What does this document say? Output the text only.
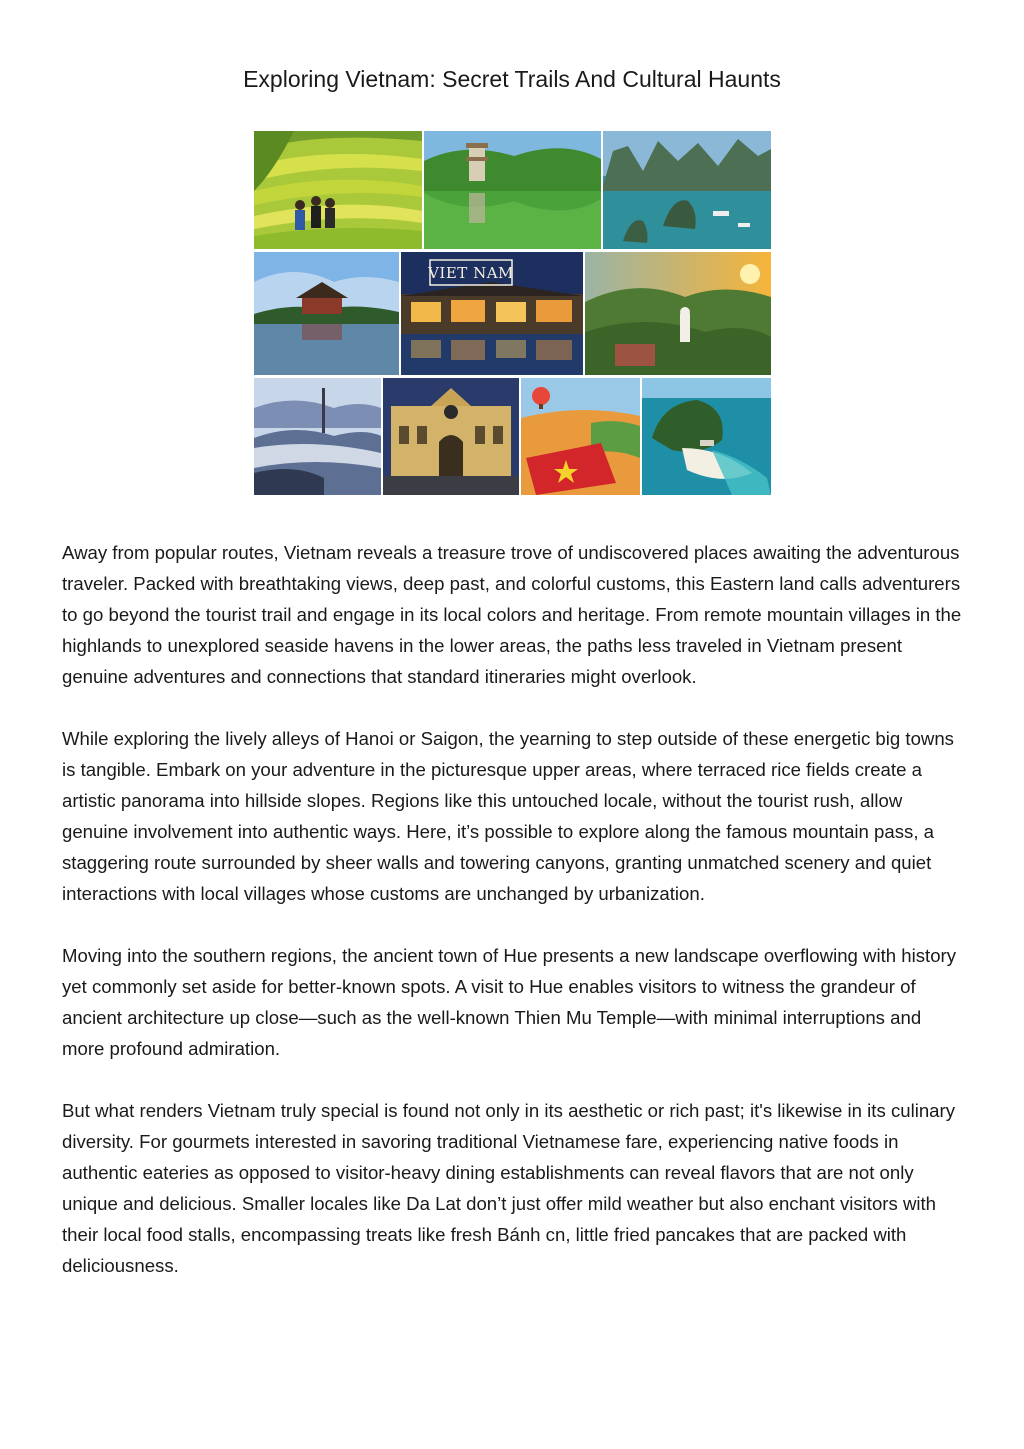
Exploring Vietnam: Secret Trails And Cultural Haunts
VIET NAM

Away from popular routes, Vietnam reveals a treasure trove of undiscovered places awaiting the adventurous traveler. Packed with breathtaking views, deep past, and colorful customs, this Eastern land calls adventurers to go beyond the tourist trail and engage in its local colors and heritage. From remote mountain villages in the highlands to unexplored seaside havens in the lower areas, the paths less traveled in Vietnam present genuine adventures and connections that standard itineraries might overlook.

While exploring the lively alleys of Hanoi or Saigon, the yearning to step outside of these energetic big towns is tangible. Embark on your adventure in the picturesque upper areas, where terraced rice fields create a artistic panorama into hillside slopes. Regions like this untouched locale, without the tourist rush, allow genuine involvement into authentic ways. Here, it’s possible to explore along the famous mountain pass, a staggering route surrounded by sheer walls and towering canyons, granting unmatched scenery and quiet interactions with local villages whose customs are unchanged by urbanization.

Moving into the southern regions, the ancient town of Hue presents a new landscape overflowing with history yet commonly set aside for better-known spots. A visit to Hue enables visitors to witness the grandeur of ancient architecture up close—such as the well-known Thien Mu Temple—with minimal interruptions and more profound admiration.

But what renders Vietnam truly special is found not only in its aesthetic or rich past; it's likewise in its culinary diversity. For gourmets interested in savoring traditional Vietnamese fare, experiencing native foods in authentic eateries as opposed to visitor-heavy dining establishments can reveal flavors that are not only unique and delicious. Smaller locales like Da Lat don’t just offer mild weather but also enchant visitors with their local food stalls, encompassing treats like fresh Bánh cn, little fried pancakes that are packed with deliciousness.
